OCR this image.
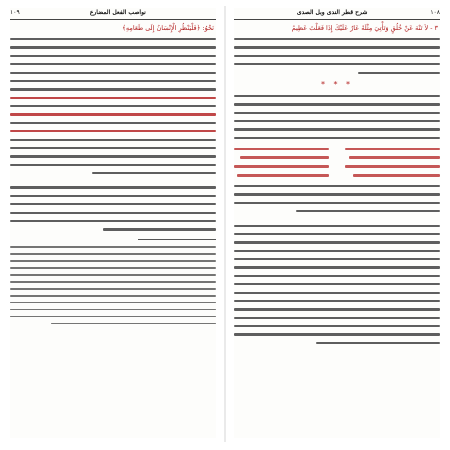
١٠٨
شرح قطر الندى وبل الصدى
٣ - لاَ تَنْهَ عَنْ خُلُقٍ وَتَأْتِيَ مِثْلَهُ عَارٌ عَلَيْكَ إِذَا فَعَلْتَ عَظِيمُ
* * *
نواصب الفعل المضارع
١٠٩
نَحْوُ: ﴿فَلْيَنْظُرِ الْإِنْسَانُ إِلَى طَعَامِهِ﴾
